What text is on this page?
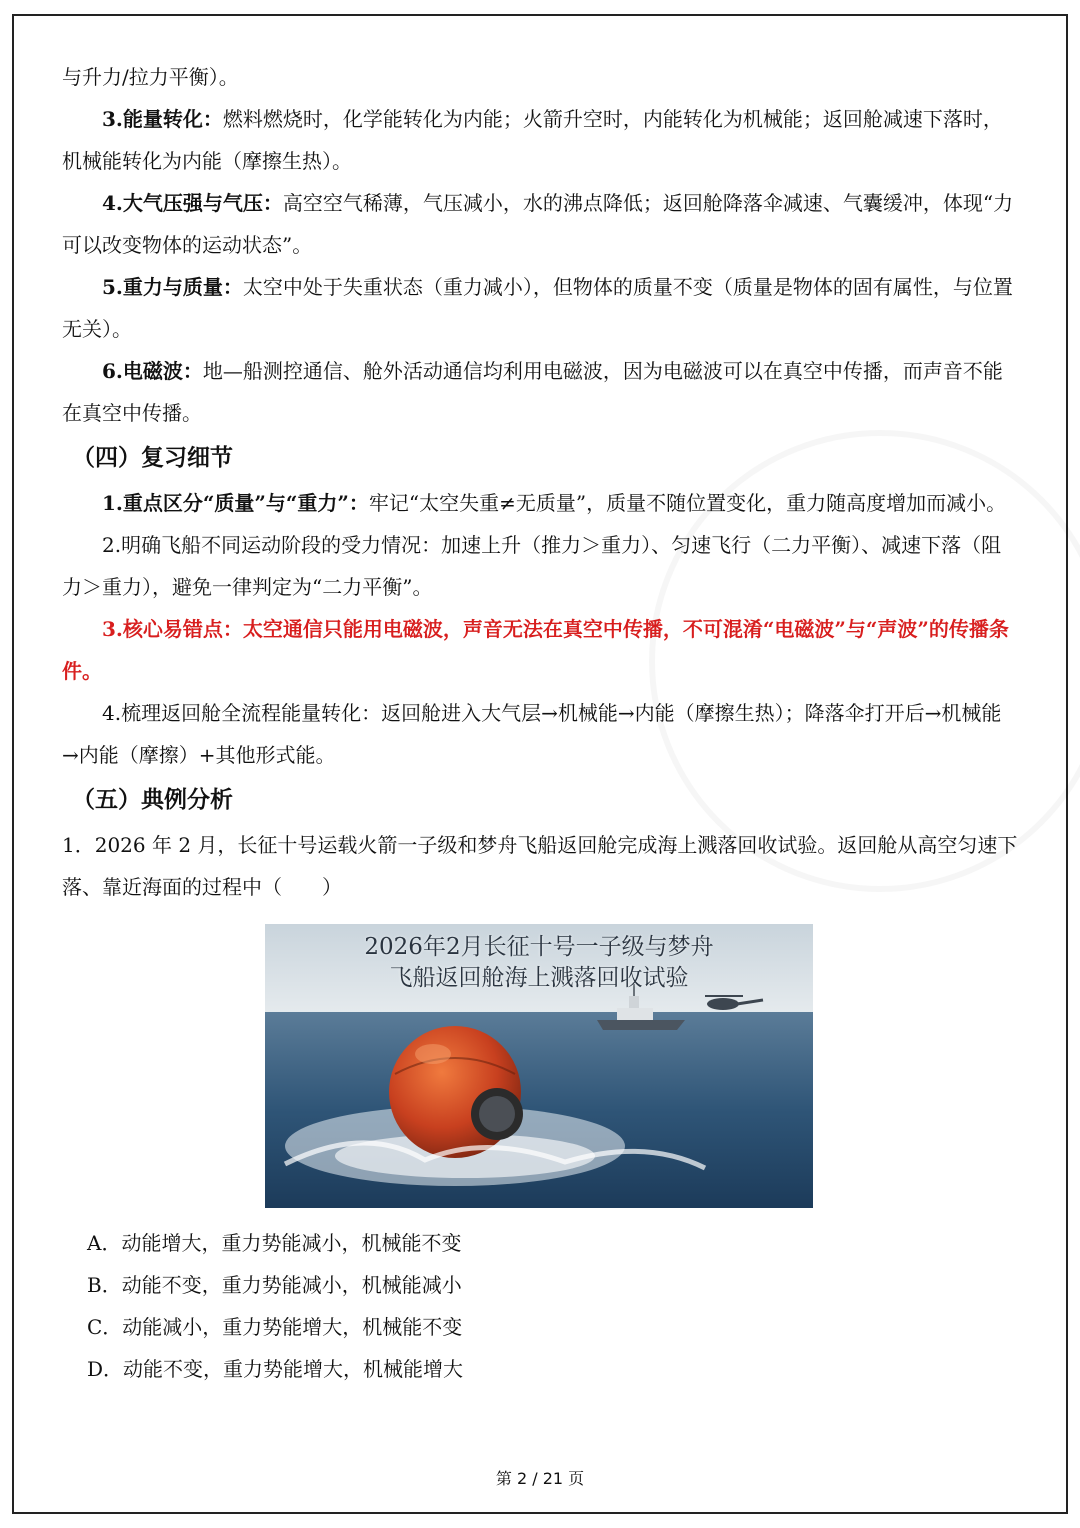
与升力/拉力平衡）。

3.能量转化：燃料燃烧时，化学能转化为内能；火箭升空时，内能转化为机械能；返回舱减速下落时，机械能转化为内能（摩擦生热）。

4.大气压强与气压：高空空气稀薄，气压减小，水的沸点降低；返回舱降落伞减速、气囊缓冲，体现“力可以改变物体的运动状态”。

5.重力与质量：太空中处于失重状态（重力减小），但物体的质量不变（质量是物体的固有属性，与位置无关）。

6.电磁波：地—船测控通信、舱外活动通信均利用电磁波，因为电磁波可以在真空中传播，而声音不能在真空中传播。

（四）复习细节

1.重点区分“质量”与“重力”：牢记“太空失重≠无质量”，质量不随位置变化，重力随高度增加而减小。

2.明确飞船不同运动阶段的受力情况：加速上升（推力＞重力）、匀速飞行（二力平衡）、减速下落（阻力＞重力），避免一律判定为“二力平衡”。

3.核心易错点：太空通信只能用电磁波，声音无法在真空中传播，不可混淆“电磁波”与“声波”的传播条件。

4.梳理返回舱全流程能量转化：返回舱进入大气层→机械能→内能（摩擦生热）；降落伞打开后→机械能→内能（摩擦）+其他形式能。

（五）典例分析

1．2026 年 2 月，长征十号运载火箭一子级和梦舟飞船返回舱完成海上溅落回收试验。返回舱从高空匀速下落、靠近海面的过程中（　　）

2026年2月长征十号一子级与梦舟
飞船返回舱海上溅落回收试验

A．动能增大，重力势能减小，机械能不变

B．动能不变，重力势能减小，机械能减小

C．动能减小，重力势能增大，机械能不变

D．动能不变，重力势能增大，机械能增大

第 2 / 21 页
